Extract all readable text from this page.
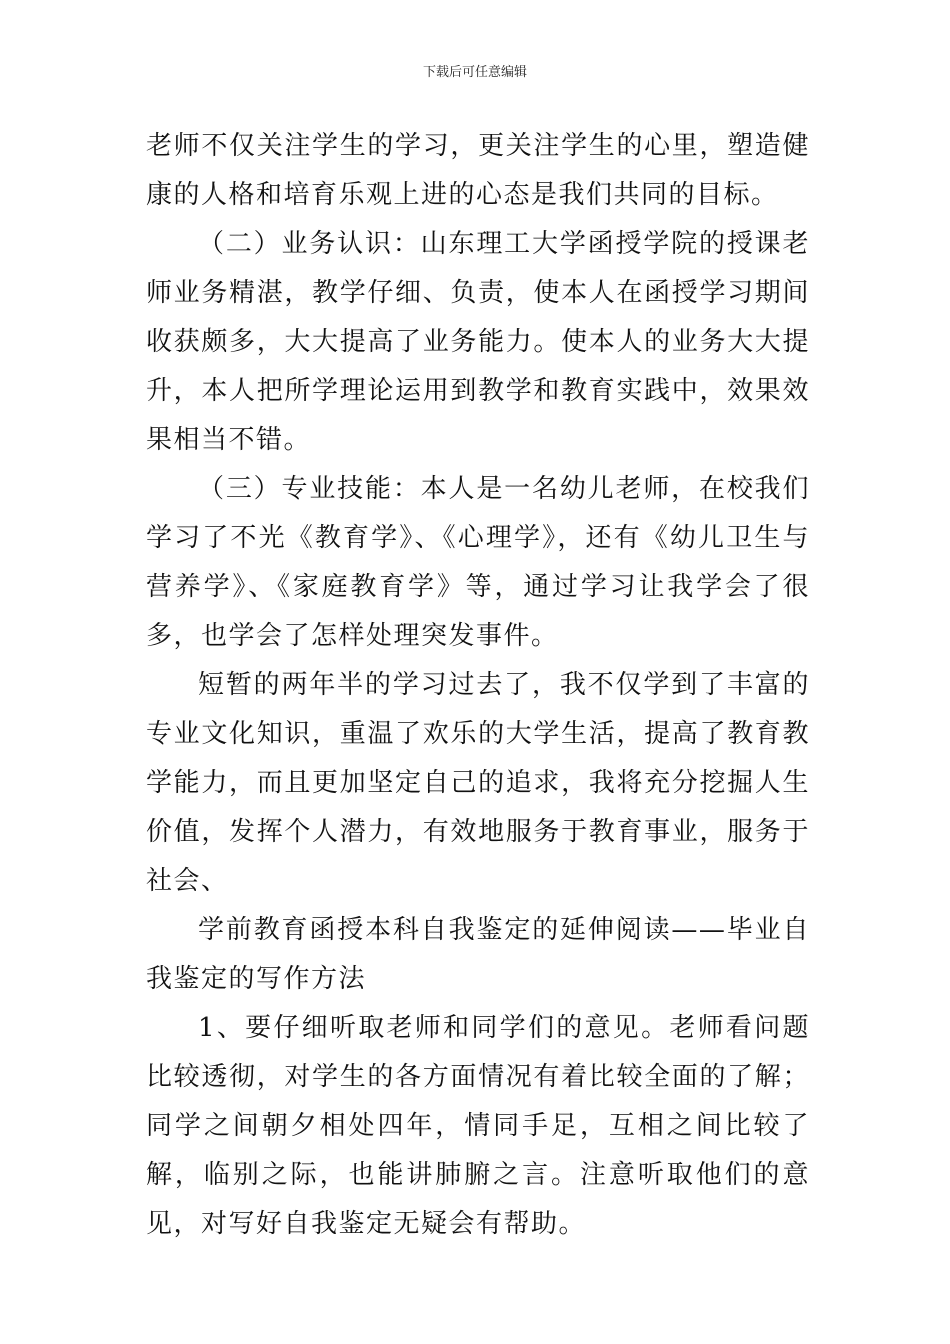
下载后可任意编辑

老师不仅关注学生的学习，更关注学生的心里，塑造健康的人格和培育乐观上进的心态是我们共同的目标。

（二）业务认识：山东理工大学函授学院的授课老师业务精湛，教学仔细、负责，使本人在函授学习期间收获颇多，大大提高了业务能力。使本人的业务大大提升，本人把所学理论运用到教学和教育实践中，效果效果相当不错。

（三）专业技能：本人是一名幼儿老师，在校我们学习了不光《教育学》、《心理学》，还有《幼儿卫生与营养学》、《家庭教育学》等，通过学习让我学会了很多，也学会了怎样处理突发事件。

短暂的两年半的学习过去了，我不仅学到了丰富的专业文化知识，重温了欢乐的大学生活，提高了教育教学能力，而且更加坚定自己的追求，我将充分挖掘人生价值，发挥个人潜力，有效地服务于教育事业，服务于社会、

学前教育函授本科自我鉴定的延伸阅读——毕业自我鉴定的写作方法

1、要仔细听取老师和同学们的意见。老师看问题比较透彻，对学生的各方面情况有着比较全面的了解；同学之间朝夕相处四年，情同手足，互相之间比较了解，临别之际，也能讲肺腑之言。注意听取他们的意见，对写好自我鉴定无疑会有帮助。
